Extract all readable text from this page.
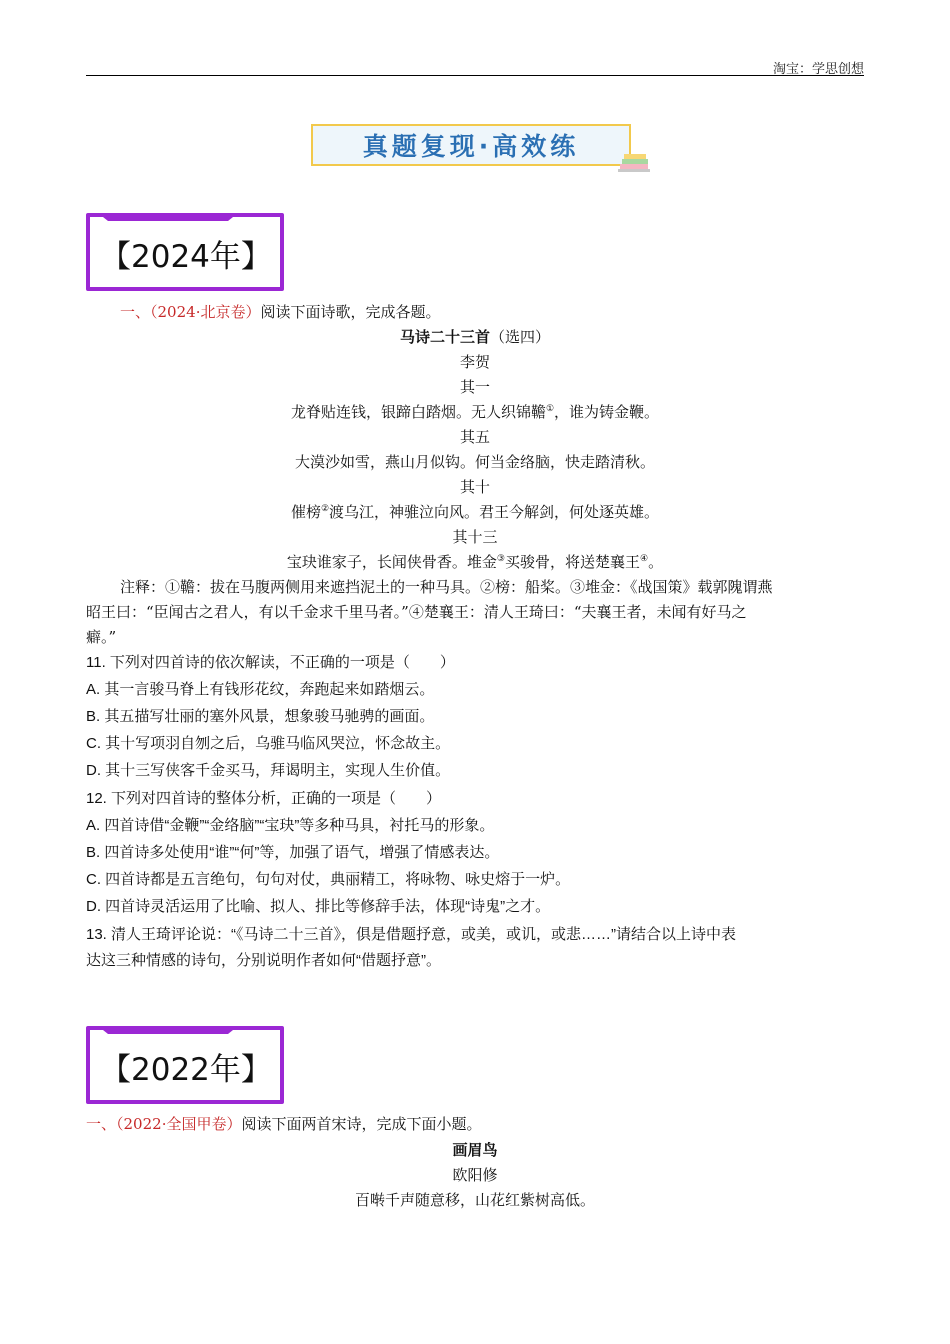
淘宝：学思创想
真题复现·高效练
【2024年】
一、（2024·北京卷）阅读下面诗歌，完成各题。
马诗二十三首（选四）
李贺
其一
龙脊贴连钱，银蹄白踏烟。无人织锦韂①，谁为铸金鞭。
其五
大漠沙如雪，燕山月似钩。何当金络脑，快走踏清秋。
其十
催榜②渡乌江，神骓泣向风。君王今解剑，何处逐英雄。
其十三
宝玦谁家子，长闻侠骨香。堆金③买骏骨，将送楚襄王④。
注释：①韂：拔在马腹两侧用来遮挡泥土的一种马具。②榜：船桨。③堆金：《战国策》载郭隗谓燕
昭王曰：“臣闻古之君人，有以千金求千里马者。”④楚襄王：清人王琦曰：“夫襄王者，未闻有好马之
癖。”
11. 下列对四首诗的依次解读，不正确的一项是（　　）
A. 其一言骏马脊上有钱形花纹，奔跑起来如踏烟云。
B. 其五描写壮丽的塞外风景，想象骏马驰骋的画面。
C. 其十写项羽自刎之后，乌骓马临风哭泣，怀念故主。
D. 其十三写侠客千金买马，拜谒明主，实现人生价值。
12. 下列对四首诗的整体分析，正确的一项是（　　）
A. 四首诗借“金鞭”“金络脑”“宝玦”等多种马具，衬托马的形象。
B. 四首诗多处使用“谁”“何”等，加强了语气，增强了情感表达。
C. 四首诗都是五言绝句，句句对仗，典丽精工，将咏物、咏史熔于一炉。
D. 四首诗灵活运用了比喻、拟人、排比等修辞手法，体现“诗鬼”之才。
13. 清人王琦评论说：“《马诗二十三首》，俱是借题抒意，或美，或讥，或悲……”请结合以上诗中表
达这三种情感的诗句，分别说明作者如何“借题抒意”。
【2022年】
一、（2022·全国甲卷）阅读下面两首宋诗，完成下面小题。
画眉鸟
欧阳修
百啭千声随意移，山花红紫树高低。
